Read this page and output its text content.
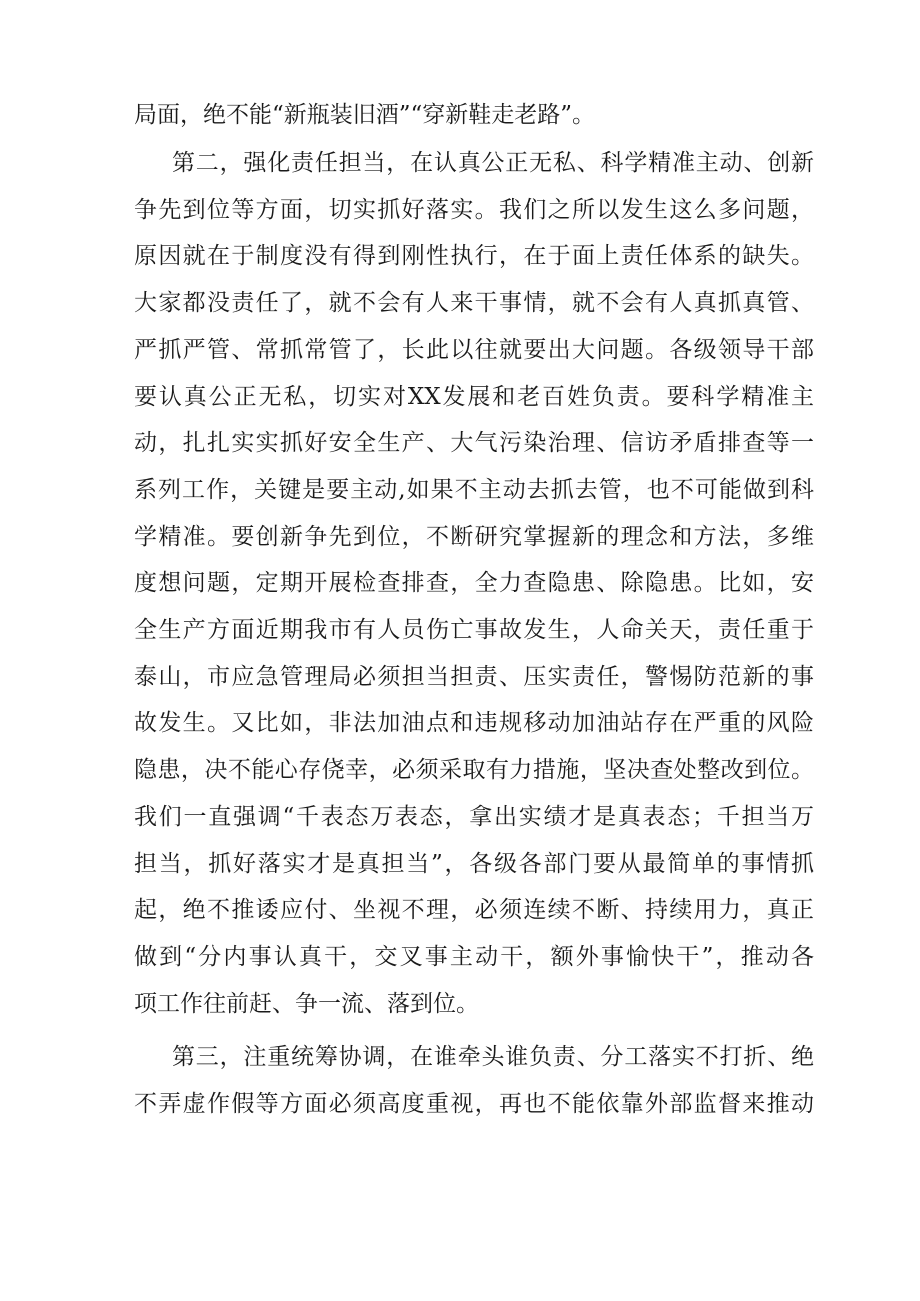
局面，绝不能“新瓶装旧酒”“穿新鞋走老路”。
第二，强化责任担当，在认真公正无私、科学精准主动、创新
争先到位等方面，切实抓好落实。我们之所以发生这么多问题，
原因就在于制度没有得到刚性执行，在于面上责任体系的缺失。
大家都没责任了，就不会有人来干事情，就不会有人真抓真管、
严抓严管、常抓常管了，长此以往就要出大问题。各级领导干部
要认真公正无私，切实对XX发展和老百姓负责。要科学精准主
动，扎扎实实抓好安全生产、大气污染治理、信访矛盾排查等一
系列工作，关键是要主动,如果不主动去抓去管，也不可能做到科
学精准。要创新争先到位，不断研究掌握新的理念和方法，多维
度想问题，定期开展检查排查，全力查隐患、除隐患。比如，安
全生产方面近期我市有人员伤亡事故发生，人命关天，责任重于
泰山，市应急管理局必须担当担责、压实责任，警惕防范新的事
故发生。又比如，非法加油点和违规移动加油站存在严重的风险
隐患，决不能心存侥幸，必须采取有力措施，坚决查处整改到位。
我们一直强调“千表态万表态，拿出实绩才是真表态；千担当万
担当，抓好落实才是真担当”，各级各部门要从最简单的事情抓
起，绝不推诿应付、坐视不理，必须连续不断、持续用力，真正
做到“分内事认真干，交叉事主动干，额外事愉快干”，推动各
项工作往前赶、争一流、落到位。
第三，注重统筹协调，在谁牵头谁负责、分工落实不打折、绝
不弄虚作假等方面必须高度重视，再也不能依靠外部监督来推动
